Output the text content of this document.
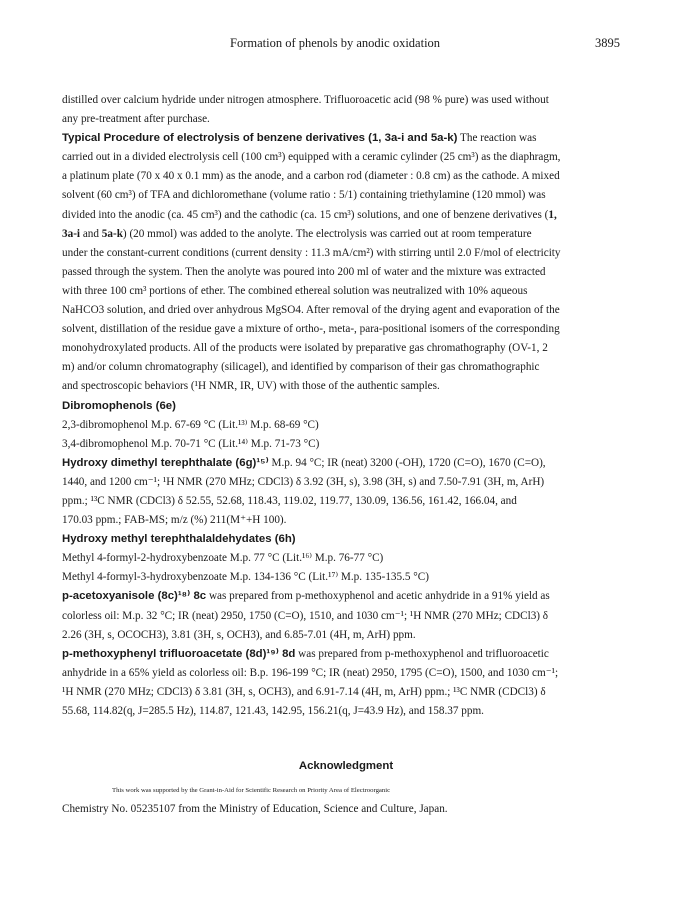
Formation of phenols by anodic oxidation	3895
distilled over calcium hydride under nitrogen atmosphere. Trifluoroacetic acid (98 % pure) was used without
any pre-treatment after purchase.
Typical Procedure of electrolysis of benzene derivatives (1, 3a-i and 5a-k) The reaction was
carried out in a divided electrolysis cell (100 cm³) equipped with a ceramic cylinder (25 cm³) as the diaphragm,
a platinum plate (70 x 40 x 0.1 mm) as the anode, and a carbon rod (diameter : 0.8 cm) as the cathode. A mixed
solvent (60 cm³) of TFA and dichloromethane (volume ratio : 5/1) containing triethylamine (120 mmol) was
divided into the anodic (ca. 45 cm³) and the cathodic (ca. 15 cm³) solutions, and one of benzene derivatives (1,
3a-i and 5a-k) (20 mmol) was added to the anolyte. The electrolysis was carried out at room temperature
under the constant-current conditions (current density : 11.3 mA/cm²) with stirring until 2.0 F/mol of electricity
passed through the system. Then the anolyte was poured into 200 ml of water and the mixture was extracted
with three 100 cm³ portions of ether. The combined ethereal solution was neutralized with 10% aqueous
NaHCO3 solution, and dried over anhydrous MgSO4. After removal of the drying agent and evaporation of the
solvent, distillation of the residue gave a mixture of ortho-, meta-, para-positional isomers of the corresponding
monohydroxylated products. All of the products were isolated by preparative gas chromathography (OV-1, 2
m) and/or column chromatography (silicagel), and identified by comparison of their gas chromathographic
and spectroscopic behaviors (¹H NMR, IR, UV) with those of the authentic samples.
Dibromophenols (6e)
2,3-dibromophenol M.p. 67-69 °C (Lit.¹³⁾ M.p. 68-69 °C)
3,4-dibromophenol M.p. 70-71 °C (Lit.¹⁴⁾ M.p. 71-73 °C)
Hydroxy dimethyl terephthalate (6g)¹⁵⁾ M.p. 94 °C; IR (neat) 3200 (-OH), 1720 (C=O), 1670 (C=O),
1440, and 1200 cm⁻¹; ¹H NMR (270 MHz; CDCl3) δ 3.92 (3H, s), 3.98 (3H, s) and 7.50-7.91 (3H, m, ArH)
ppm.; ¹³C NMR (CDCl3) δ 52.55, 52.68, 118.43, 119.02, 119.77, 130.09, 136.56, 161.42, 166.04, and
170.03 ppm.; FAB-MS; m/z (%) 211(M⁺+H 100).
Hydroxy methyl terephthalaldehydates (6h)
Methyl 4-formyl-2-hydroxybenzoate M.p. 77 °C (Lit.¹⁶⁾ M.p. 76-77 °C)
Methyl 4-formyl-3-hydroxybenzoate M.p. 134-136 °C (Lit.¹⁷⁾ M.p. 135-135.5 °C)
p-acetoxyanisole (8c)¹⁸⁾ 8c was prepared from p-methoxyphenol and acetic anhydride in a 91% yield as
colorless oil: M.p. 32 °C; IR (neat) 2950, 1750 (C=O), 1510, and 1030 cm⁻¹; ¹H NMR (270 MHz; CDCl3) δ
2.26 (3H, s, OCOCH3), 3.81 (3H, s, OCH3), and 6.85-7.01 (4H, m, ArH) ppm.
p-methoxyphenyl trifluoroacetate (8d)¹⁹⁾ 8d was prepared from p-methoxyphenol and trifluoroacetic
anhydride in a 65% yield as colorless oil: B.p. 196-199 °C; IR (neat) 2950, 1795 (C=O), 1500, and 1030 cm⁻¹;
¹H NMR (270 MHz; CDCl3) δ 3.81 (3H, s, OCH3), and 6.91-7.14 (4H, m, ArH) ppm.; ¹³C NMR (CDCl3) δ
55.68, 114.82(q, J=285.5 Hz), 114.87, 121.43, 142.95, 156.21(q, J=43.9 Hz), and 158.37 ppm.
Acknowledgment
This work was supported by the Grant-in-Aid for Scientific Research on Priority Area of Electroorganic
Chemistry No. 05235107 from the Ministry of Education, Science and Culture, Japan.
